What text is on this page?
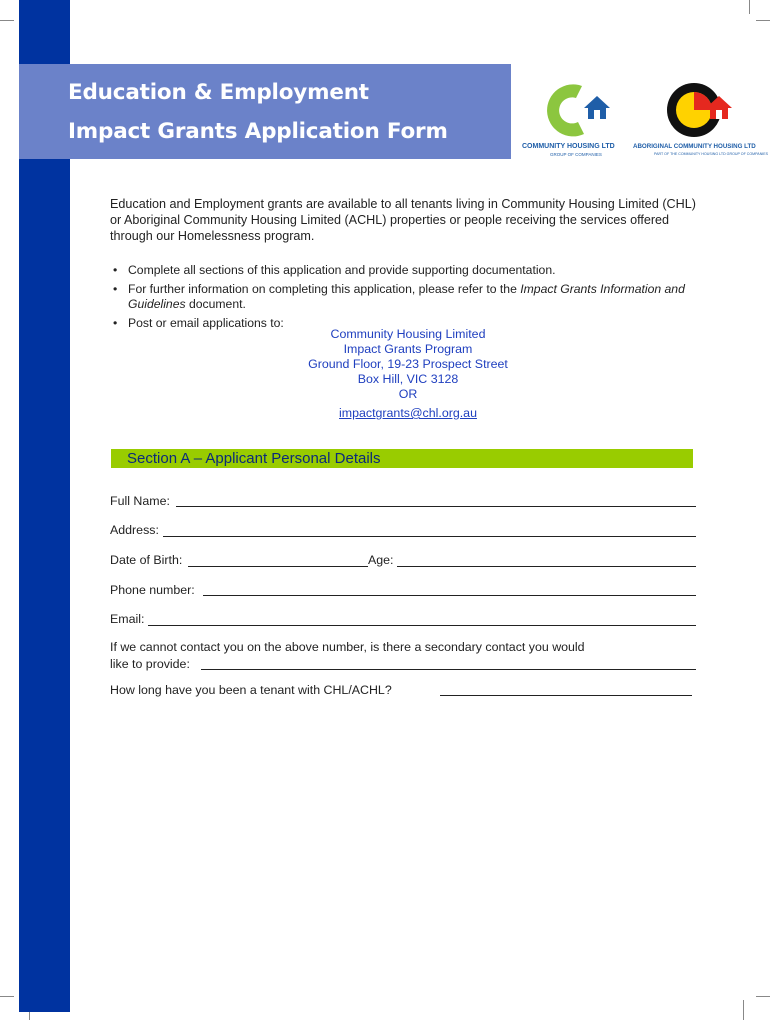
Education & Employment
Impact Grants Application Form
COMMUNITY HOUSING LTD
GROUP OF COMPANIES
ABORIGINAL COMMUNITY HOUSING LTD
PART OF THE COMMUNITY HOUSING LTD GROUP OF COMPANIES
Education and Employment grants are available to all tenants living in Community Housing Limited (CHL) or Aboriginal Community Housing Limited (ACHL) properties or people receiving the services offered through our Homelessness program.
• Complete all sections of this application and provide supporting documentation.
• For further information on completing this application, please refer to the Impact Grants Information and Guidelines document.
• Post or email applications to:
Community Housing Limited
Impact Grants Program
Ground Floor, 19-23 Prospect Street
Box Hill, VIC 3128
OR
impactgrants@chl.org.au
Section A – Applicant Personal Details
Full Name:
Address:
Date of Birth:	Age:
Phone number:
Email:
If we cannot contact you on the above number, is there a secondary contact you would
like to provide:
How long have you been a tenant with CHL/ACHL?
